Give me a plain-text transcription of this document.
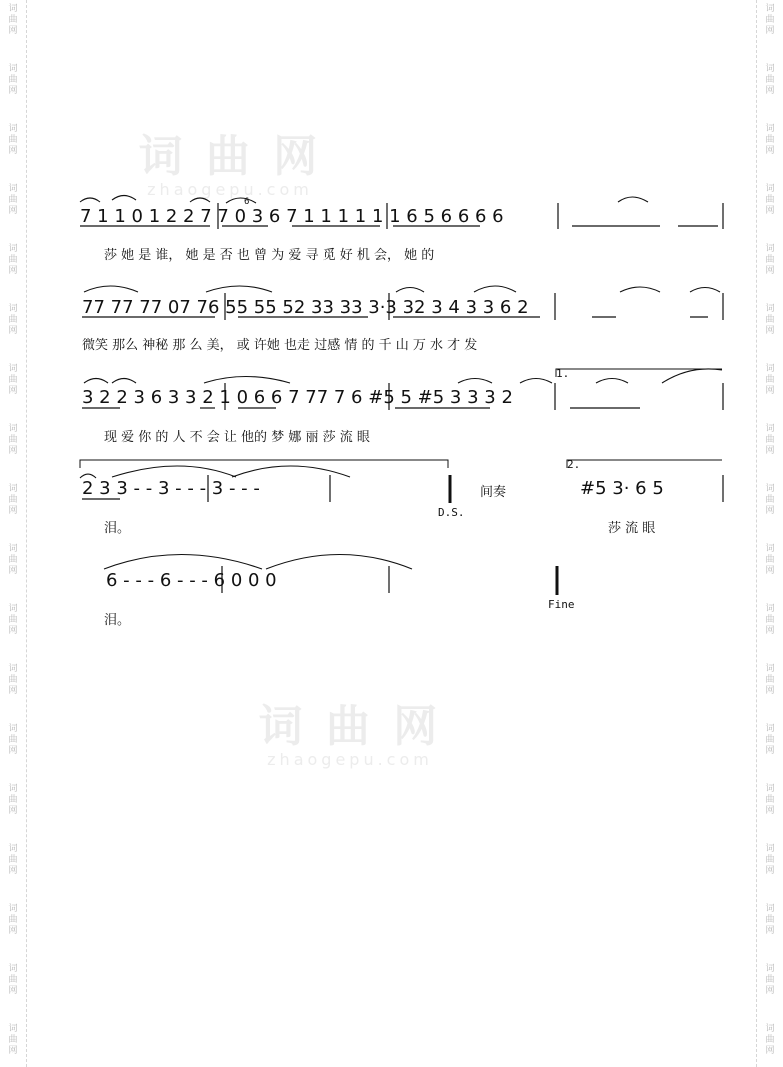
词
曲
网
词
曲
网
词
曲
网
词
曲
网
词
曲
网
词
曲
网
词
曲
网
词
曲
网
词
曲
网
词
曲
网
词
曲
网
词
曲
网
词
曲
网
词
曲
网
词
曲
网
词
曲
网
词
曲
网
词
曲
网
词
曲
网
词
曲
网
词
曲
网
词
曲
网
词
曲
网
词
曲
网
词
曲
网
词
曲
网
词
曲
网
词
曲
网
词
曲
网
词
曲
网
词
曲
网
词
曲
网
词
曲
网
词
曲
网
词
曲
网
词
曲
网
词 曲 网
zhaogepu.com
词 曲 网
zhaogepu.com
7 1 1 0 1 2 2 7 7 0 3 6 7 1 1 1 1 1 1 6 5 6 6 6 6
莎 她 是 谁， 她 是 否 也 曾 为 爱 寻 觅 好 机 会， 她 的
77 77 77 07 76 55 55 52 33 33 3·3 32 3 4 3 3 6 2
微笑 那么 神秘 那 么 美， 或 许她 也走 过感 情 的 千 山 万 水 才 发
3 2 2 3 6 3 3 2 1 0 6 6 7 77 7 6 #5 5 #5 3 3 3 2
现 爱 你 的 人 不 会 让 他的 梦 娜 丽 莎 流 眼
2 3 3 - - 3 - - - 3 - - -
泪。
D.S.
间奏
2.
#5 3· 6 5
莎 流 眼
6 - - - 6 - - - 6 0 0 0
泪。
Fine
1.
6
